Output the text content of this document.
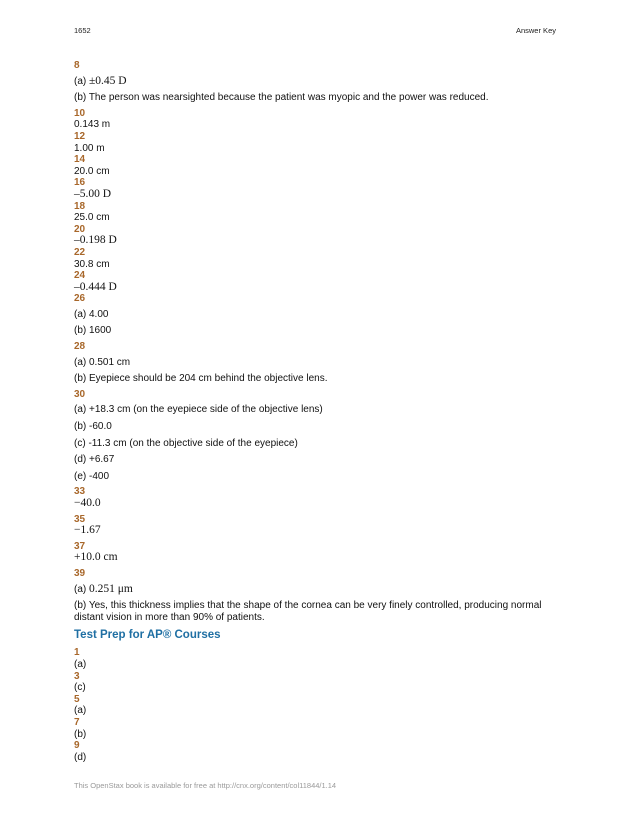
1652	Answer Key

8

(a) ±0.45 D

(b) The person was nearsighted because the patient was myopic and the power was reduced.

10

0.143 m

12

1.00 m

14

20.0 cm

16

–5.00 D

18

25.0 cm

20

–0.198 D

22

30.8 cm

24

–0.444 D

26

(a) 4.00

(b) 1600

28

(a) 0.501 cm

(b) Eyepiece should be 204 cm behind the objective lens.

30

(a) +18.3 cm (on the eyepiece side of the objective lens)

(b) -60.0

(c) -11.3 cm (on the objective side of the eyepiece)

(d) +6.67

(e) -400

33

−40.0

35

−1.67

37

+10.0 cm

39

(a) 0.251 μm

(b) Yes, this thickness implies that the shape of the cornea can be very finely controlled, producing normal distant vision in more than 90% of patients.

Test Prep for AP® Courses

1

(a)

3

(c)

5

(a)

7

(b)

9

(d)

This OpenStax book is available for free at http://cnx.org/content/col11844/1.14
